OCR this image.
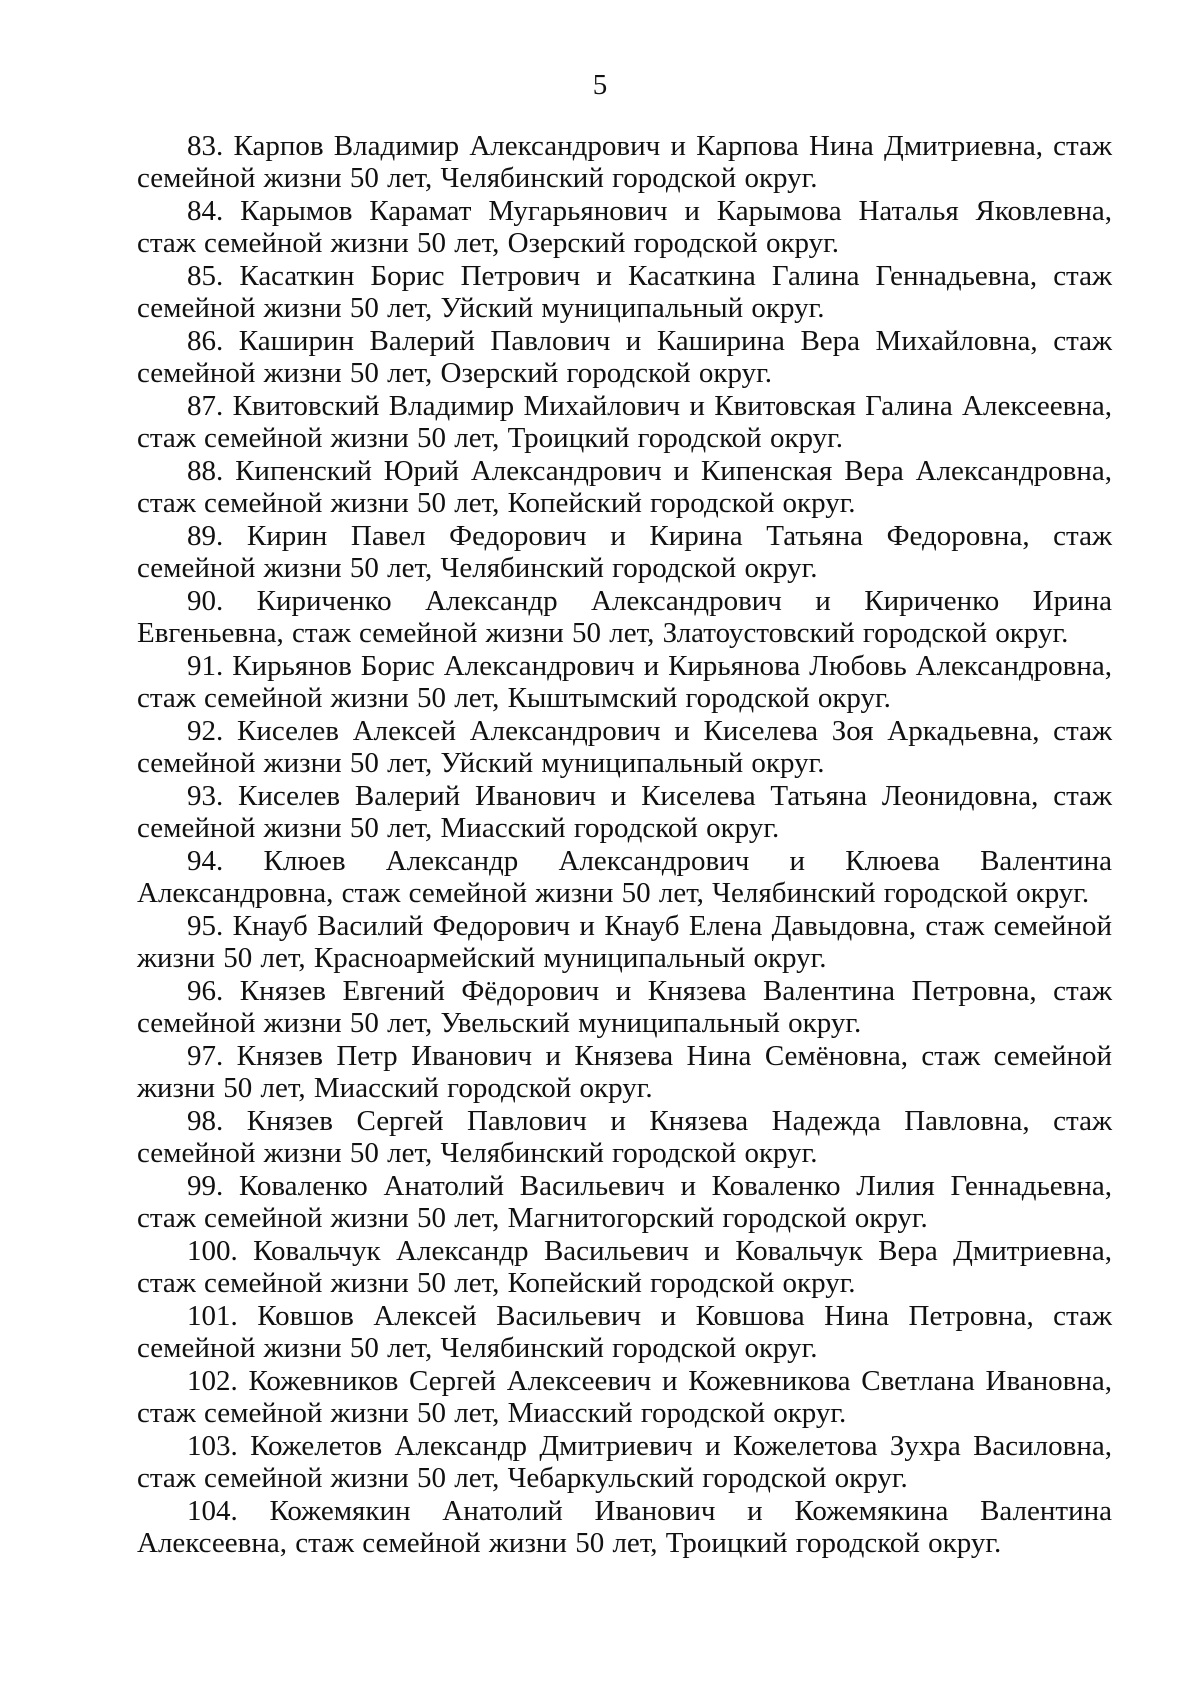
5
83. Карпов Владимир Александрович и Карпова Нина Дмитриевна, стаж семейной жизни 50 лет, Челябинский городской округ.
84. Карымов Карамат Мугарьянович и Карымова Наталья Яковлевна, стаж семейной жизни 50 лет, Озерский городской округ.
85. Касаткин Борис Петрович и Касаткина Галина Геннадьевна, стаж семейной жизни 50 лет, Уйский муниципальный округ.
86. Каширин Валерий Павлович и Каширина Вера Михайловна, стаж семейной жизни 50 лет, Озерский городской округ.
87. Квитовский Владимир Михайлович и Квитовская Галина Алексеевна, стаж семейной жизни 50 лет, Троицкий городской округ.
88. Кипенский Юрий Александрович и Кипенская Вера Александровна, стаж семейной жизни 50 лет, Копейский городской округ.
89. Кирин Павел Федорович и Кирина Татьяна Федоровна, стаж семейной жизни 50 лет, Челябинский городской округ.
90. Кириченко Александр Александрович и Кириченко Ирина Евгеньевна, стаж семейной жизни 50 лет, Златоустовский городской округ.
91. Кирьянов Борис Александрович и Кирьянова Любовь Александровна, стаж семейной жизни 50 лет, Кыштымский городской округ.
92. Киселев Алексей Александрович и Киселева Зоя Аркадьевна, стаж семейной жизни 50 лет, Уйский муниципальный округ.
93. Киселев Валерий Иванович и Киселева Татьяна Леонидовна, стаж семейной жизни 50 лет, Миасский городской округ.
94. Клюев Александр Александрович и Клюева Валентина Александровна, стаж семейной жизни 50 лет, Челябинский городской округ.
95. Кнауб Василий Федорович и Кнауб Елена Давыдовна, стаж семейной жизни 50 лет, Красноармейский муниципальный округ.
96. Князев Евгений Фёдорович и Князева Валентина Петровна, стаж семейной жизни 50 лет, Увельский муниципальный округ.
97. Князев Петр Иванович и Князева Нина Семёновна, стаж семейной жизни 50 лет, Миасский городской округ.
98. Князев Сергей Павлович и Князева Надежда Павловна, стаж семейной жизни 50 лет, Челябинский городской округ.
99. Коваленко Анатолий Васильевич и Коваленко Лилия Геннадьевна, стаж семейной жизни 50 лет, Магнитогорский городской округ.
100. Ковальчук Александр Васильевич и Ковальчук Вера Дмитриевна, стаж семейной жизни 50 лет, Копейский городской округ.
101. Ковшов Алексей Васильевич и Ковшова Нина Петровна, стаж семейной жизни 50 лет, Челябинский городской округ.
102. Кожевников Сергей Алексеевич и Кожевникова Светлана Ивановна, стаж семейной жизни 50 лет, Миасский городской округ.
103. Кожелетов Александр Дмитриевич и Кожелетова Зухра Василовна, стаж семейной жизни 50 лет, Чебаркульский городской округ.
104. Кожемякин Анатолий Иванович и Кожемякина Валентина Алексеевна, стаж семейной жизни 50 лет, Троицкий городской округ.
